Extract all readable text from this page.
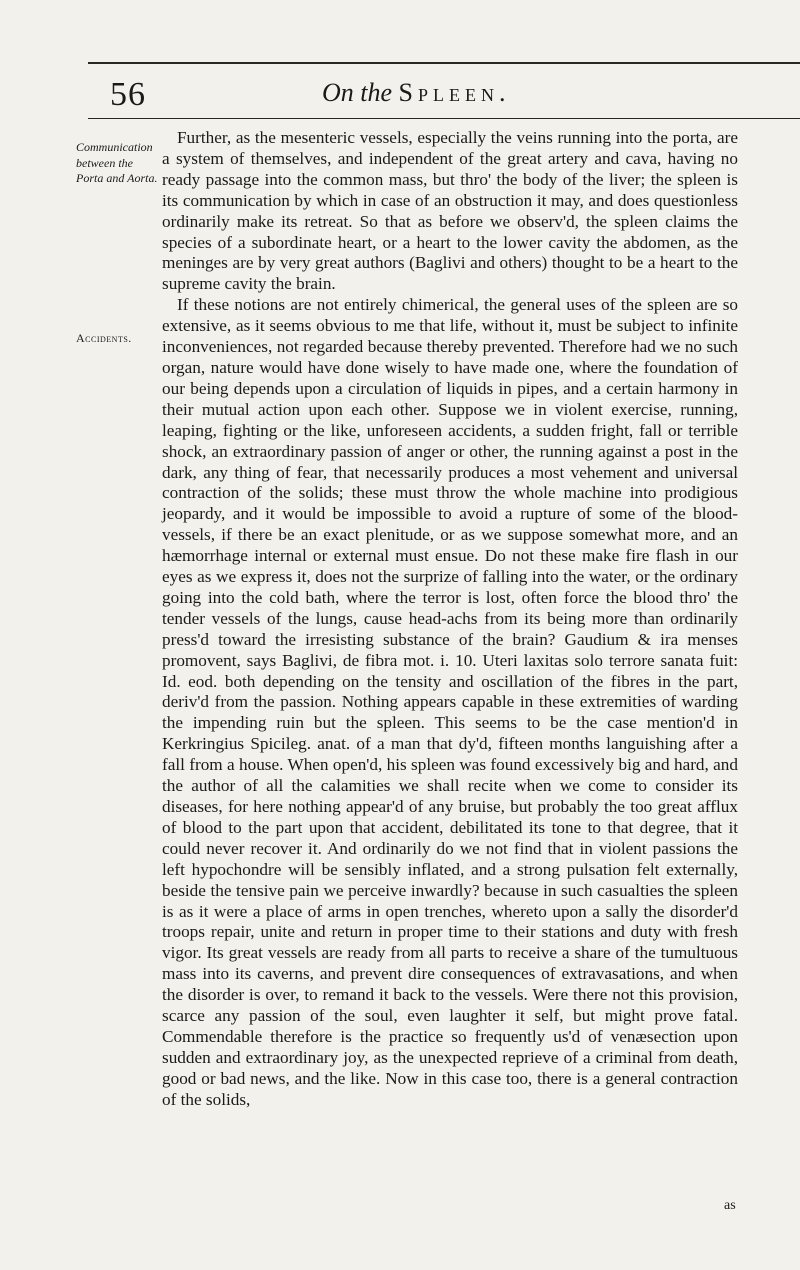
56	On the Spleen.
Communication between the Porta and Aorta.
Accidents.

Further, as the mesenteric vessels, especially the veins running into the porta, are a system of themselves, and independent of the great artery and cava, having no ready passage into the common mass, but thro' the body of the liver; the spleen is its communication by which in case of an obstruction it may, and does questionless ordinarily make its retreat. So that as before we observ'd, the spleen claims the species of a subordinate heart, or a heart to the lower cavity the abdomen, as the meninges are by very great authors (Baglivi and others) thought to be a heart to the supreme cavity the brain.

If these notions are not entirely chimerical, the general uses of the spleen are so extensive, as it seems obvious to me that life, without it, must be subject to infinite inconveniences, not regarded because thereby prevented. Therefore had we no such organ, nature would have done wisely to have made one, where the foundation of our being depends upon a circulation of liquids in pipes, and a certain harmony in their mutual action upon each other. Suppose we in violent exercise, running, leaping, fighting or the like, unforeseen accidents, a sudden fright, fall or terrible shock, an extraordinary passion of anger or other, the running against a post in the dark, any thing of fear, that necessarily produces a most vehement and universal contraction of the solids; these must throw the whole machine into prodigious jeopardy, and it would be impossible to avoid a rupture of some of the blood-vessels, if there be an exact plenitude, or as we suppose somewhat more, and an hæmorrhage internal or external must ensue. Do not these make fire flash in our eyes as we express it, does not the surprize of falling into the water, or the ordinary going into the cold bath, where the terror is lost, often force the blood thro' the tender vessels of the lungs, cause head-achs from its being more than ordinarily press'd toward the irresisting substance of the brain? Gaudium & ira menses promovent, says Baglivi, de fibra mot. i. 10. Uteri laxitas solo terrore sanata fuit: Id. eod. both depending on the tensity and oscillation of the fibres in the part, deriv'd from the passion. Nothing appears capable in these extremities of warding the impending ruin but the spleen. This seems to be the case mention'd in Kerkringius Spicileg. anat. of a man that dy'd, fifteen months languishing after a fall from a house. When open'd, his spleen was found excessively big and hard, and the author of all the calamities we shall recite when we come to consider its diseases, for here nothing appear'd of any bruise, but probably the too great afflux of blood to the part upon that accident, debilitated its tone to that degree, that it could never recover it. And ordinarily do we not find that in violent passions the left hypochondre will be sensibly inflated, and a strong pulsation felt externally, beside the tensive pain we perceive inwardly? because in such casualties the spleen is as it were a place of arms in open trenches, whereto upon a sally the disorder'd troops repair, unite and return in proper time to their stations and duty with fresh vigor. Its great vessels are ready from all parts to receive a share of the tumultuous mass into its caverns, and prevent dire consequences of extravasations, and when the disorder is over, to remand it back to the vessels. Were there not this provision, scarce any passion of the soul, even laughter it self, but might prove fatal. Commendable therefore is the practice so frequently us'd of venæsection upon sudden and extraordinary joy, as the unexpected reprieve of a criminal from death, good or bad news, and the like. Now in this case too, there is a general contraction of the solids,

as
